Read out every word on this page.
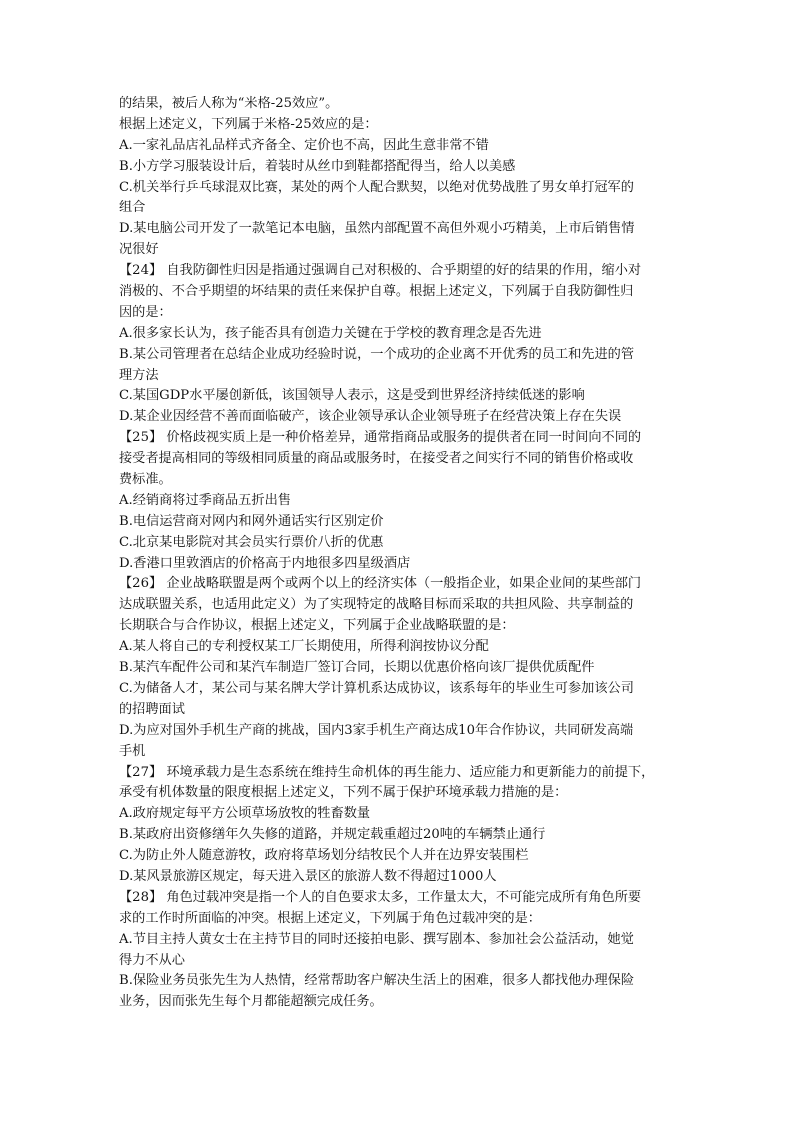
的结果，被后人称为“米格-25效应”。
根据上述定义，下列属于米格-25效应的是：
A.一家礼品店礼品样式齐备全、定价也不高，因此生意非常不错
B.小方学习服装设计后，着装时从丝巾到鞋都搭配得当，给人以美感
C.机关举行乒乓球混双比赛，某处的两个人配合默契，以绝对优势战胜了男女单打冠军的
组合
D.某电脑公司开发了一款笔记本电脑，虽然内部配置不高但外观小巧精美，上市后销售情
况很好
【24】 自我防御性归因是指通过强调自己对积极的、合乎期望的好的结果的作用，缩小对
消极的、不合乎期望的坏结果的责任来保护自尊。根据上述定义，下列属于自我防御性归
因的是：
A.很多家长认为，孩子能否具有创造力关键在于学校的教育理念是否先进
B.某公司管理者在总结企业成功经验时说，一个成功的企业离不开优秀的员工和先进的管
理方法
C.某国GDP水平屡创新低，该国领导人表示，这是受到世界经济持续低迷的影响
D.某企业因经营不善而面临破产，该企业领导承认企业领导班子在经营决策上存在失误
【25】 价格歧视实质上是一种价格差异，通常指商品或服务的提供者在同一时间向不同的
接受者提高相同的等级相同质量的商品或服务时，在接受者之间实行不同的销售价格或收
费标准。
A.经销商将过季商品五折出售
B.电信运营商对网内和网外通话实行区别定价
C.北京某电影院对其会员实行票价八折的优惠
D.香港口里敦酒店的价格高于内地很多四星级酒店
【26】 企业战略联盟是两个或两个以上的经济实体（一般指企业，如果企业间的某些部门
达成联盟关系，也适用此定义）为了实现特定的战略目标而采取的共担风险、共享制益的
长期联合与合作协议，根据上述定义，下列属于企业战略联盟的是：
A.某人将自己的专利授权某工厂长期使用，所得利润按协议分配
B.某汽车配件公司和某汽车制造厂签订合同，长期以优惠价格向该厂提供优质配件
C.为储备人才，某公司与某名牌大学计算机系达成协议，该系每年的毕业生可参加该公司
的招聘面试
D.为应对国外手机生产商的挑战，国内3家手机生产商达成10年合作协议，共同研发高端
手机
【27】 环境承载力是生态系统在维持生命机体的再生能力、适应能力和更新能力的前提下，
承受有机体数量的限度根据上述定义，下列不属于保护环境承载力措施的是：
A.政府规定每平方公顷草场放牧的牲畜数量
B.某政府出资修缮年久失修的道路，并规定载重超过20吨的车辆禁止通行
C.为防止外人随意游牧，政府将草场划分结牧民个人并在边界安装围栏
D.某风景旅游区规定，每天进入景区的旅游人数不得超过1000人
【28】 角色过载冲突是指一个人的自色要求太多，工作量太大，不可能完成所有角色所要
求的工作时所面临的冲突。根据上述定义，下列属于角色过载冲突的是：
A.节目主持人黄女士在主持节目的同时还接拍电影、撰写剧本、参加社会公益活动，她觉
得力不从心
B.保险业务员张先生为人热情，经常帮助客户解决生活上的困难，很多人都找他办理保险
业务，因而张先生每个月都能超额完成任务。
